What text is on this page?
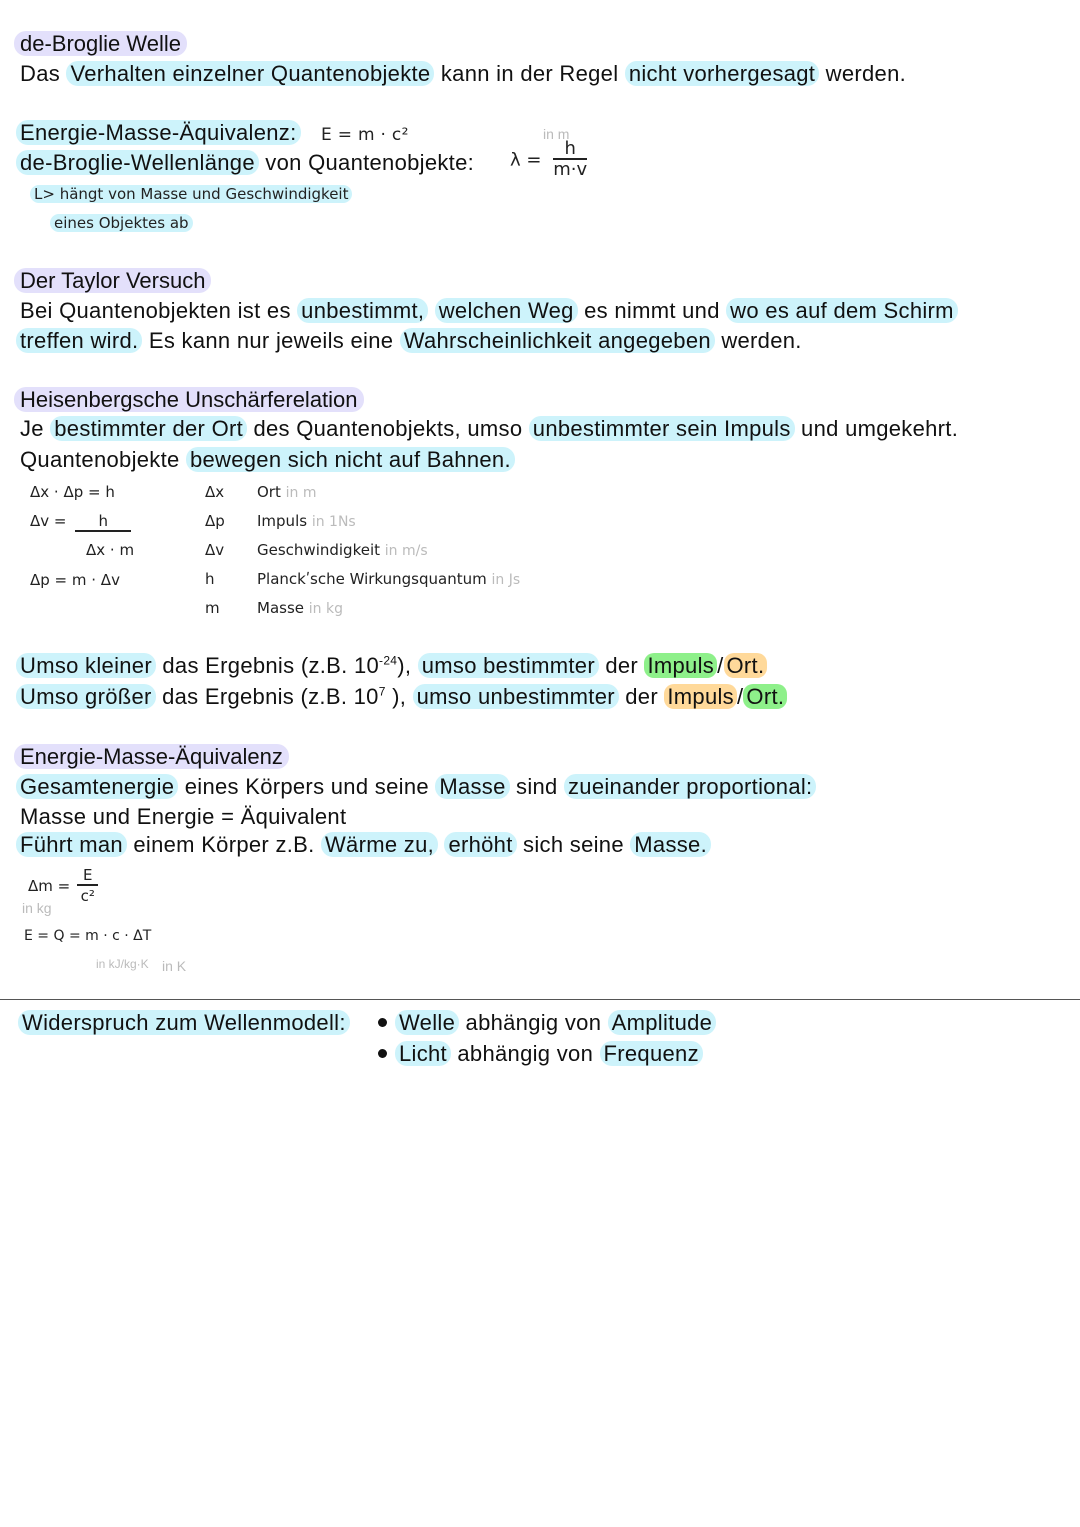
de-Broglie Welle
Das Verhalten einzelner Quantenobjekte kann in der Regel nicht vorhergesagt werden.
Energie-Masse-Äquivalenz: E = m · c²
de-Broglie-Wellenlänge von Quantenobjekte: $\lambda = \frac{h}{m\cdot v}$
in m
L> hängt von Masse und Geschwindigkeit
eines Objektes ab
Der Taylor Versuch
Bei Quantenobjekten ist es unbestimmt, welchen Weg es nimmt und wo es auf dem Schirm
treffen wird. Es kann nur jeweils eine Wahrscheinlichkeit angegeben werden.
Heisenbergsche Unschärferelation
Je bestimmter der Ort des Quantenobjekts, umso unbestimmter sein Impuls und umgekehrt.
Quantenobjekte bewegen sich nicht auf Bahnen.
Δx · Δp = h
Δv = h
Δx · m
Δp = m · Δv
Δx Ort in m
Δp Impuls in 1Ns
Δv Geschwindigkeit in m/s
h	Planckʹsche Wirkungsquantum in Js
m Masse in kg
Umso kleiner das Ergebnis (z.B. $10^{-24}$), umso bestimmter der Impuls / Ort.
Umso größer das Ergebnis (z.B. $10^7$ ), umso unbestimmter der Impuls / Ort.
Energie-Masse-Äquivalenz
Gesamtenergie eines Körpers und seine Masse sind zueinander proportional:
Masse und Energie = Äquivalent
Führt man einem Körper z.B. Wärme zu, erhöht sich seine Masse.
$\Delta m = \frac{E}{\text{c²}}$
in kg
E = Q = m · c · ΔT
in kJ/kg·K in K
Widerspruch zum Wellenmodell:	Welle abhängig von Amplitude
Licht abhängig von Frequenz
